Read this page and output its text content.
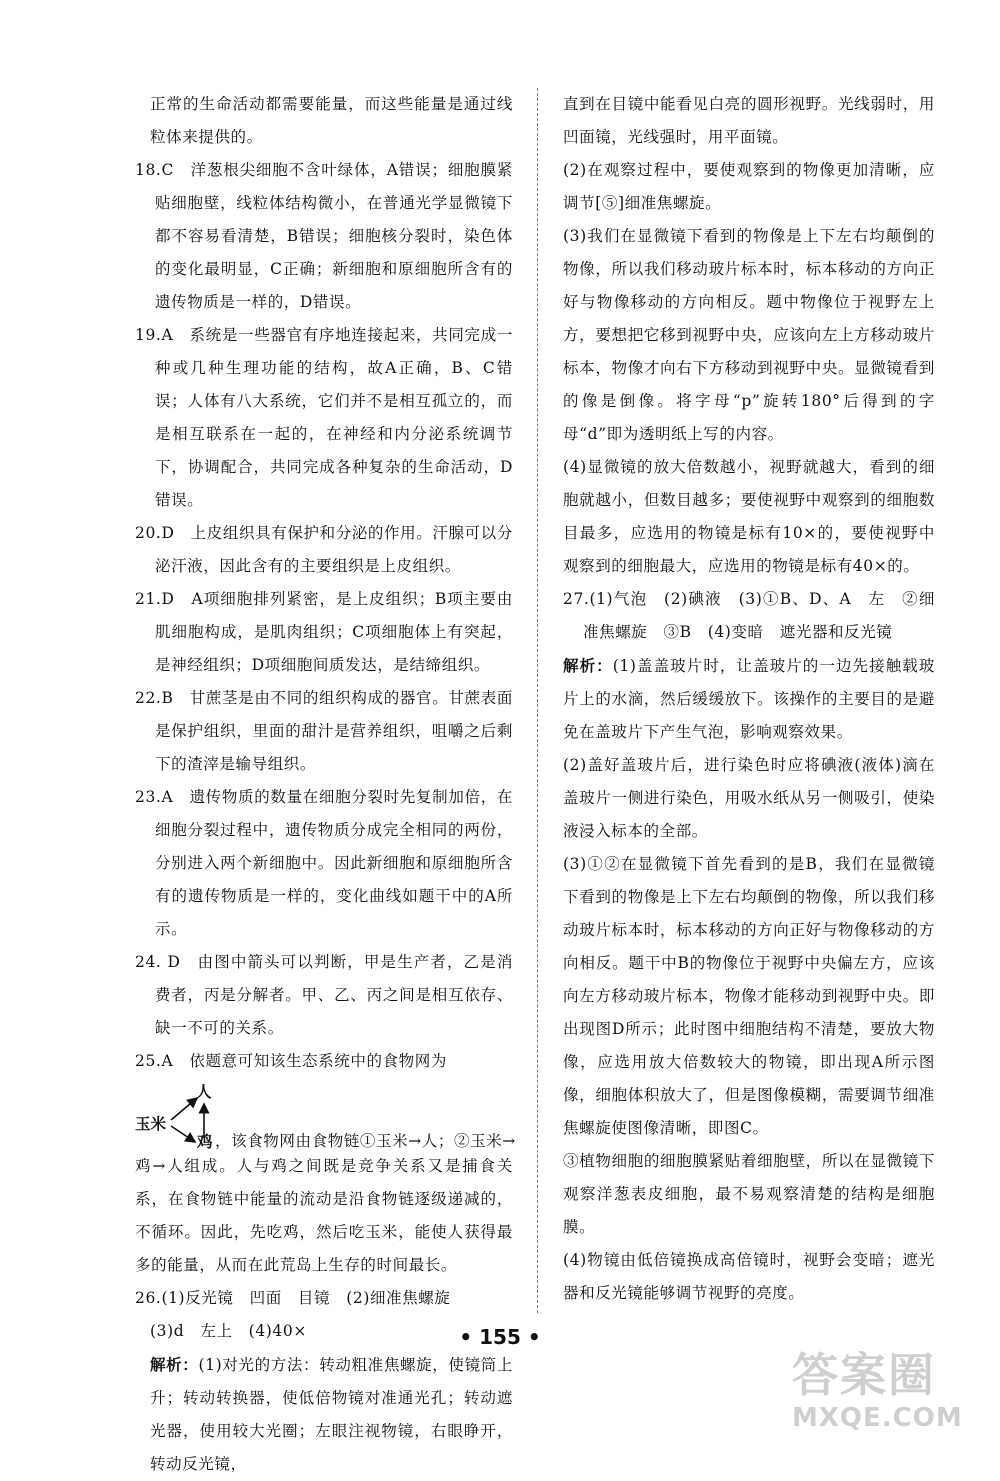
正常的生命活动都需要能量，而这些能量是通过线粒体来提供的。

18.C　洋葱根尖细胞不含叶绿体，A错误；细胞膜紧贴细胞壁，线粒体结构微小，在普通光学显微镜下都不容易看清楚，B错误；细胞核分裂时，染色体的变化最明显，C正确；新细胞和原细胞所含有的遗传物质是一样的，D错误。

19.A　系统是一些器官有序地连接起来，共同完成一种或几种生理功能的结构，故A正确，B、C错误；人体有八大系统，它们并不是相互孤立的，而是相互联系在一起的，在神经和内分泌系统调节下，协调配合，共同完成各种复杂的生命活动，D错误。

20.D　上皮组织具有保护和分泌的作用。汗腺可以分泌汗液，因此含有的主要组织是上皮组织。

21.D　A项细胞排列紧密，是上皮组织；B项主要由肌细胞构成，是肌肉组织；C项细胞体上有突起，是神经组织；D项细胞间质发达，是结缔组织。

22.B　甘蔗茎是由不同的组织构成的器官。甘蔗表面是保护组织，里面的甜汁是营养组织，咀嚼之后剩下的渣滓是输导组织。

23.A　遗传物质的数量在细胞分裂时先复制加倍，在细胞分裂过程中，遗传物质分成完全相同的两份，分别进入两个新细胞中。因此新细胞和原细胞所含有的遗传物质是一样的，变化曲线如题干中的A所示。

24. D　由图中箭头可以判断，甲是生产者，乙是消费者，丙是分解者。甲、乙、丙之间是相互依存、缺一不可的关系。

25.A　依题意可知该生态系统中的食物网为

玉米
人
鸡 ，该食物网由食物链①玉米→人；②玉米→

鸡→人组成。人与鸡之间既是竞争关系又是捕食关系，在食物链中能量的流动是沿食物链逐级递减的，不循环。因此，先吃鸡，然后吃玉米，能使人获得最多的能量，从而在此荒岛上生存的时间最长。

26.(1)反光镜　凹面　目镜　(2)细准焦螺旋

(3)d　左上　(4)40×

解析：(1)对光的方法：转动粗准焦螺旋，使镜筒上升；转动转换器，使低倍物镜对准通光孔；转动遮光器，使用较大光圈；左眼注视物镜，右眼睁开，转动反光镜，

直到在目镜中能看见白亮的圆形视野。光线弱时，用凹面镜，光线强时，用平面镜。

(2)在观察过程中，要使观察到的物像更加清晰，应调节[⑤]细准焦螺旋。

(3)我们在显微镜下看到的物像是上下左右均颠倒的物像，所以我们移动玻片标本时，标本移动的方向正好与物像移动的方向相反。题中物像位于视野左上方，要想把它移到视野中央，应该向左上方移动玻片标本，物像才向右下方移动到视野中央。显微镜看到的像是倒像。将字母“p”旋转180°后得到的字母“d”即为透明纸上写的内容。

(4)显微镜的放大倍数越小，视野就越大，看到的细胞就越小，但数目越多；要使视野中观察到的细胞数目最多，应选用的物镜是标有10×的，要使视野中观察到的细胞最大，应选用的物镜是标有40×的。

27.(1)气泡　(2)碘液　(3)①B、D、A　左　②细准焦螺旋　③B　(4)变暗　遮光器和反光镜

解析：(1)盖盖玻片时，让盖玻片的一边先接触载玻片上的水滴，然后缓缓放下。该操作的主要目的是避免在盖玻片下产生气泡，影响观察效果。

(2)盖好盖玻片后，进行染色时应将碘液(液体)滴在盖玻片一侧进行染色，用吸水纸从另一侧吸引，使染液浸入标本的全部。

(3)①②在显微镜下首先看到的是B，我们在显微镜下看到的物像是上下左右均颠倒的物像，所以我们移动玻片标本时，标本移动的方向正好与物像移动的方向相反。题干中B的物像位于视野中央偏左方，应该向左方移动玻片标本，物像才能移动到视野中央。即出现图D所示；此时图中细胞结构不清楚，要放大物像，应选用放大倍数较大的物镜，即出现A所示图像，细胞体积放大了，但是图像模糊，需要调节细准焦螺旋使图像清晰，即图C。

③植物细胞的细胞膜紧贴着细胞壁，所以在显微镜下观察洋葱表皮细胞，最不易观察清楚的结构是细胞膜。

(4)物镜由低倍镜换成高倍镜时，视野会变暗；遮光器和反光镜能够调节视野的亮度。

• 155 •
答案圈
MXQE.COM
